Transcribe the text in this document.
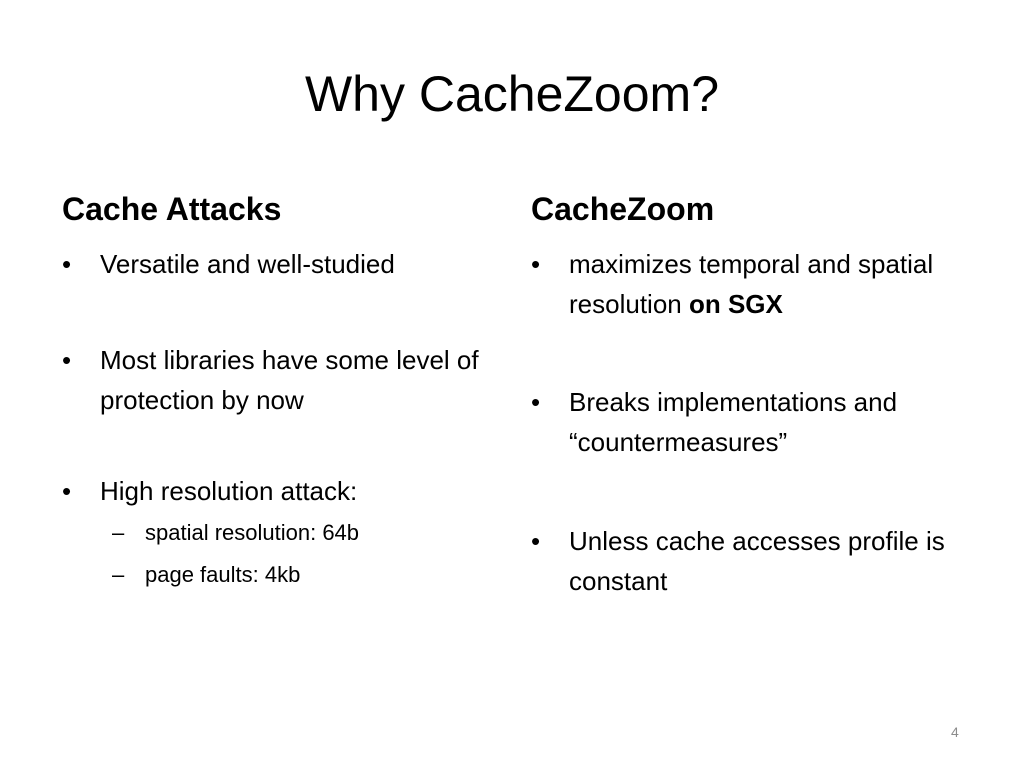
Why CacheZoom?
Cache Attacks
•	Versatile and well-studied
•	Most libraries have some level of protection by now
•	High resolution attack:
– spatial resolution: 64b
– page faults: 4kb
CacheZoom
•	maximizes temporal and spatial resolution on SGX
•	Breaks implementations and “countermeasures”
•	Unless cache accesses profile is constant
4
